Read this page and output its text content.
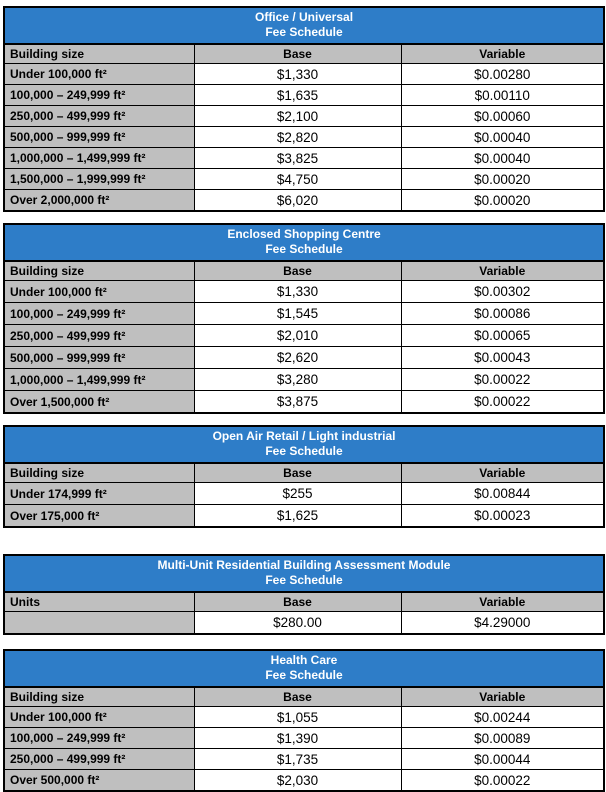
Office / Universal
Fee Schedule		

Building size	Base	Variable
Under 100,000 ft²	$1,330	$0.00280
100,000 – 249,999 ft²	$1,635	$0.00110
250,000 – 499,999 ft²	$2,100	$0.00060
500,000 – 999,999 ft²	$2,820	$0.00040
1,000,000 – 1,499,999 ft²	$3,825	$0.00040
1,500,000 – 1,999,999 ft²	$4,750	$0.00020
Over 2,000,000 ft²	$6,020	$0.00020
Enclosed Shopping Centre
Fee Schedule		

Building size	Base	Variable
Under 100,000 ft²	$1,330	$0.00302
100,000 – 249,999 ft²	$1,545	$0.00086
250,000 – 499,999 ft²	$2,010	$0.00065
500,000 – 999,999 ft²	$2,620	$0.00043
1,000,000 – 1,499,999 ft²	$3,280	$0.00022
Over 1,500,000 ft²	$3,875	$0.00022
Open Air Retail / Light industrial
Fee Schedule		

Building size	Base	Variable
Under 174,999 ft²	$255	$0.00844
Over 175,000 ft²	$1,625	$0.00023
Multi-Unit Residential Building Assessment Module
Fee Schedule		

Units	Base	Variable
	$280.00	$4.29000
Health Care
Fee Schedule		

Building size	Base	Variable
Under 100,000 ft²	$1,055	$0.00244
100,000 – 249,999 ft²	$1,390	$0.00089
250,000 – 499,999 ft²	$1,735	$0.00044
Over 500,000 ft²	$2,030	$0.00022
